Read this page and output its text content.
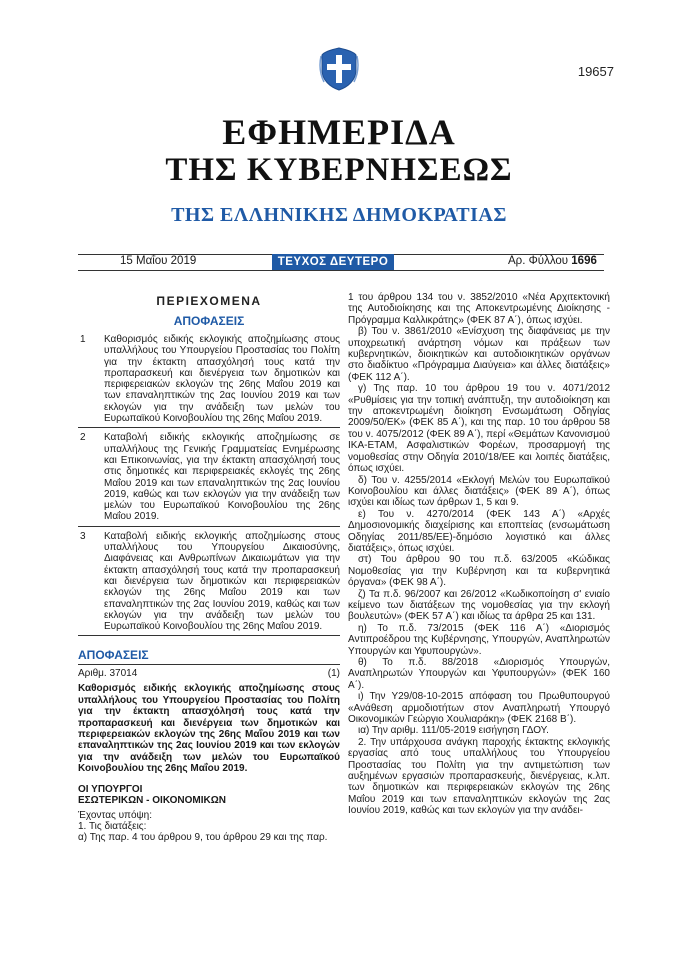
19657
ΕΦΗΜΕΡΙΔΑ
ΤΗΣ ΚΥΒΕΡΝΗΣΕΩΣ
ΤΗΣ ΕΛΛΗΝΙΚΗΣ ΔΗΜΟΚΡΑΤΙΑΣ
15 Μαΐου 2019	ΤΕΥΧΟΣ ΔΕΥΤΕΡΟ	Αρ. Φύλλου 1696
ΠΕΡΙΕΧΟΜΕΝΑ
ΑΠΟΦΑΣΕΙΣ
1	Καθορισμός ειδικής εκλογικής αποζημίωσης στους υπαλλήλους του Υπουργείου Προστασίας του Πολίτη για την έκτακτη απασχόλησή τους κατά την προπαρασκευή και διενέργεια των δημοτικών και περιφερειακών εκλογών της 26ης Μαΐου 2019 και των επαναληπτικών της 2ας Ιουνίου 2019 και των εκλογών για την ανάδειξη των μελών του Ευρωπαϊκού Κοινοβουλίου της 26ης Μαΐου 2019.
2	Καταβολή ειδικής εκλογικής αποζημίωσης σε υπαλλήλους της Γενικής Γραμματείας Ενημέρωσης και Επικοινωνίας, για την έκτακτη απασχόλησή τους στις δημοτικές και περιφερειακές εκλογές της 26ης Μαΐου 2019 και των επαναληπτικών της 2ας Ιουνίου 2019, καθώς και των εκλογών για την ανάδειξη των μελών του Ευρωπαϊκού Κοινοβουλίου της 26ης Μαΐου 2019.
3	Καταβολή ειδικής εκλογικής αποζημίωσης στους υπαλλήλους του Υπουργείου Δικαιοσύνης, Διαφάνειας και Ανθρωπίνων Δικαιωμάτων για την έκτακτη απασχόλησή τους κατά την προπαρασκευή και διενέργεια των δημοτικών και περιφερειακών εκλογών της 26ης Μαΐου 2019 και των επαναληπτικών της 2ας Ιουνίου 2019, καθώς και των εκλογών για την ανάδειξη των μελών του Ευρωπαϊκού Κοινοβουλίου της 26ης Μαΐου 2019.
ΑΠΟΦΑΣΕΙΣ
Αριθμ. 37014	(1)
Καθορισμός ειδικής εκλογικής αποζημίωσης στους υπαλλήλους του Υπουργείου Προστασίας του Πολίτη για την έκτακτη απασχόλησή τους κατά την προπαρασκευή και διενέργεια των δημοτικών και περιφερειακών εκλογών της 26ης Μαΐου 2019 και των επαναληπτικών της 2ας Ιουνίου 2019 και των εκλογών για την ανάδειξη των μελών του Ευρωπαϊκού Κοινοβουλίου της 26ης Μαΐου 2019.
ΟΙ ΥΠΟΥΡΓΟΙ
ΕΣΩΤΕΡΙΚΩΝ - ΟΙΚΟΝΟΜΙΚΩΝ
Έχοντας υπόψη:
1. Τις διατάξεις:
α) Της παρ. 4 του άρθρου 9, του άρθρου 29 και της παρ.

1 του άρθρου 134 του ν. 3852/2010 «Νέα Αρχιτεκτονική της Αυτοδιοίκησης και της Αποκεντρωμένης Διοίκησης - Πρόγραμμα Καλλικράτης» (ΦΕΚ 87 Α΄), όπως ισχύει.

β) Του ν. 3861/2010 «Ενίσχυση της διαφάνειας με την υποχρεωτική ανάρτηση νόμων και πράξεων των κυβερνητικών, διοικητικών και αυτοδιοικητικών οργάνων στο διαδίκτυο «Πρόγραμμα Διαύγεια» και άλλες διατάξεις» (ΦΕΚ 112 Α΄).

γ) Της παρ. 10 του άρθρου 19 του ν. 4071/2012 «Ρυθμίσεις για την τοπική ανάπτυξη, την αυτοδιοίκηση και την αποκεντρωμένη διοίκηση Ενσωμάτωση Οδηγίας 2009/50/ΕΚ» (ΦΕΚ 85 Α΄), και της παρ. 10 του άρθρου 58 του ν. 4075/2012 (ΦΕΚ 89 Α΄), περί «Θεμάτων Κανονισμού ΙΚΑ-ΕΤΑΜ, Ασφαλιστικών Φορέων, προσαρμογή της νομοθεσίας στην Οδηγία 2010/18/ΕΕ και λοιπές διατάξεις, όπως ισχύει.

δ) Του ν. 4255/2014 «Εκλογή Μελών του Ευρωπαϊκού Κοινοβουλίου και άλλες διατάξεις» (ΦΕΚ 89 Α΄), όπως ισχύει και ιδίως των άρθρων 1, 5 και 9.

ε) Του ν. 4270/2014 (ΦΕΚ 143 Α΄) «Αρχές Δημοσιονομικής διαχείρισης και εποπτείας (ενσωμάτωση Οδηγίας 2011/85/ΕΕ)-δημόσιο λογιστικό και άλλες διατάξεις», όπως ισχύει.

στ) Του άρθρου 90 του π.δ. 63/2005 «Κώδικας Νομοθεσίας για την Κυβέρνηση και τα κυβερνητικά όργανα» (ΦΕΚ 98 Α΄).

ζ) Τα π.δ. 96/2007 και 26/2012 «Κωδικοποίηση σ' ενιαίο κείμενο των διατάξεων της νομοθεσίας για την εκλογή βουλευτών» (ΦΕΚ 57 Α΄) και ιδίως τα άρθρα 25 και 131.

η) Το π.δ. 73/2015 (ΦΕΚ 116 Α΄) «Διορισμός Αντιπροέδρου της Κυβέρνησης, Υπουργών, Αναπληρωτών Υπουργών και Υφυπουργών».

θ) Το π.δ. 88/2018 «Διορισμός Υπουργών, Αναπληρωτών Υπουργών και Υφυπουργών» (ΦΕΚ 160 Α΄).

ι) Την Υ29/08-10-2015 απόφαση του Πρωθυπουργού «Ανάθεση αρμοδιοτήτων στον Αναπληρωτή Υπουργό Οικονομικών Γεώργιο Χουλιαράκη» (ΦΕΚ 2168 Β΄).

ια) Την αριθμ. 111/05-2019 εισήγηση ΓΔΟΥ.

2. Την υπάρχουσα ανάγκη παροχής έκτακτης εκλογικής εργασίας από τους υπαλλήλους του Υπουργείου Προστασίας του Πολίτη για την αντιμετώπιση των αυξημένων εργασιών προπαρασκευής, διενέργειας, κ.λπ. των δημοτικών και περιφερειακών εκλογών της 26ης Μαΐου 2019 και των επαναληπτικών εκλογών της 2ας Ιουνίου 2019, καθώς και των εκλογών για την ανάδει-
